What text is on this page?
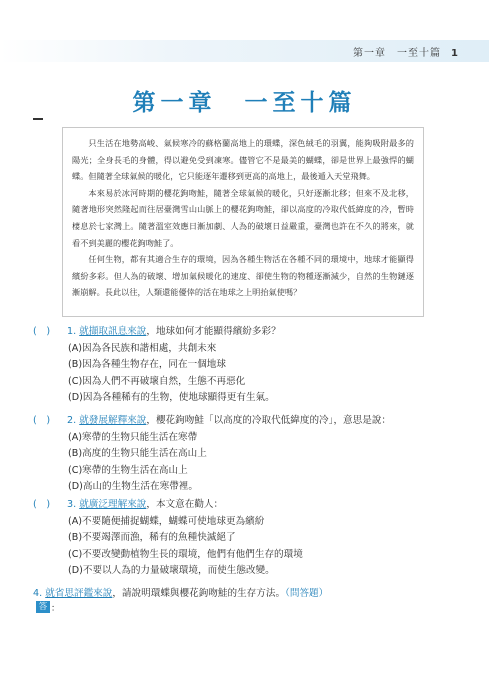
第一章　一至十篇 1
第一章　一至十篇

只生活在地勢高峻、氣候寒冷的蘇格蘭高地上的環蝶，深色絨毛的羽翼，能夠吸附最多的陽光；全身長毛的身體，得以避免受到凍寒。儘管它不是最美的蝴蝶，卻是世界上最強悍的蝴蝶。但隨著全球氣候的暖化，它只能逐年遷移到更高的高地上，最後遁入天堂飛舞。

本來易於冰河時期的櫻花鉤吻鮭，隨著全球氣候的暖化，只好逐漸北移；但來不及北移，隨著地形突然隆起而往居臺灣雪山山脈上的櫻花鉤吻鮭，卻以高度的冷取代低緯度的冷，暫時棲息於七家灣上。隨著溫室效應日漸加劇、人為的破壞日益嚴重，臺灣也許在不久的將來，就看不到美麗的櫻花鉤吻鮭了。

任何生物，都有其適合生存的環境，因為各種生物活在各種不同的環境中，地球才能顯得繽紛多彩。但人為的破壞、增加氣候暖化的速度、卻使生物的物種逐漸減少，自然的生物鏈逐漸崩解。長此以往，人類還能優倖的活在地球之上明抬氣使嗎？

(　) 1. 就擷取訊息來說，地球如何才能顯得繽紛多彩？
(A)因為各民族和諧相處，共創未來
(B)因為各種生物存在，同在一個地球
(C)因為人們不再破壞自然，生態不再惡化
(D)因為各種稀有的生物，使地球顯得更有生氣。
(　) 2. 就發展解釋來說，櫻花鉤吻鮭「以高度的冷取代低緯度的冷」，意思是說：
(A)寒帶的生物只能生活在寒帶
(B)高度的生物只能生活在高山上
(C)寒帶的生物生活在高山上
(D)高山的生物生活在寒帶裡。
(　) 3. 就廣泛理解來說，本文意在勸人：
(A)不要隨便捕捉蝴蝶，蝴蝶可使地球更為繽紛
(B)不要竭澤而漁，稀有的魚種快滅絕了
(C)不要改變動植物生長的環境，他們有他們生存的環境
(D)不要以人為的力量破壞環境，而使生態改變。
4. 就省思評鑑來說，請說明環蝶與櫻花鉤吻鮭的生存方法。（問答題）
答 ：
